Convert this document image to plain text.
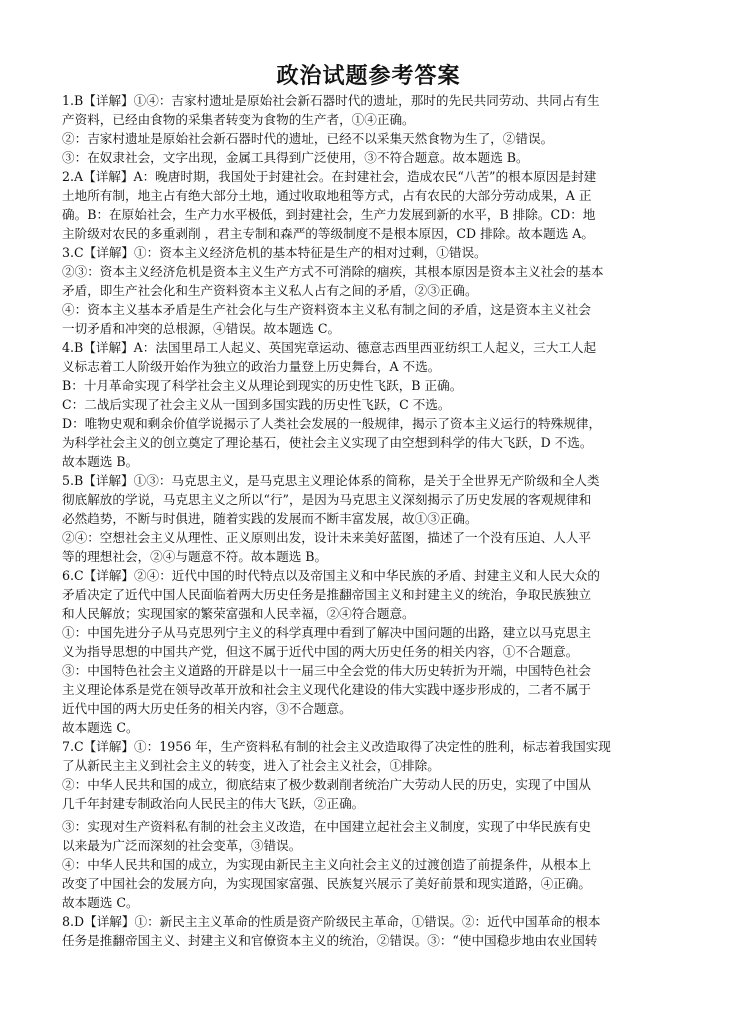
政治试题参考答案
1.B【详解】①④：吉家村遗址是原始社会新石器时代的遗址，那时的先民共同劳动、共同占有生
产资料，已经由食物的采集者转变为食物的生产者，①④正确。
②：吉家村遗址是原始社会新石器时代的遗址，已经不以采集天然食物为生了，②错误。
③：在奴隶社会，文字出现，金属工具得到广泛使用，③不符合题意。故本题选 B。
2.A【详解】A：晚唐时期，我国处于封建社会。在封建社会，造成农民“八苦”的根本原因是封建
土地所有制，地主占有绝大部分土地，通过收取地租等方式，占有农民的大部分劳动成果，A 正
确。B：在原始社会，生产力水平极低，到封建社会，生产力发展到新的水平，B 排除。CD：地
主阶级对农民的多重剥削 ，君主专制和森严的等级制度不是根本原因，CD 排除。故本题选 A。
3.C【详解】①：资本主义经济危机的基本特征是生产的相对过剩，①错误。
②③：资本主义经济危机是资本主义生产方式不可消除的痼疾，其根本原因是资本主义社会的基本
矛盾，即生产社会化和生产资料资本主义私人占有之间的矛盾，②③正确。
④：资本主义基本矛盾是生产社会化与生产资料资本主义私有制之间的矛盾，这是资本主义社会
一切矛盾和冲突的总根源，④错误。故本题选 C。
4.B【详解】A：法国里昂工人起义、英国宪章运动、德意志西里西亚纺织工人起义，三大工人起
义标志着工人阶级开始作为独立的政治力量登上历史舞台，A 不选。
B：十月革命实现了科学社会主义从理论到现实的历史性飞跃，B 正确。
C：二战后实现了社会主义从一国到多国实践的历史性飞跃，C 不选。
D：唯物史观和剩余价值学说揭示了人类社会发展的一般规律，揭示了资本主义运行的特殊规律，
为科学社会主义的创立奠定了理论基石，使社会主义实现了由空想到科学的伟大飞跃，D 不选。
故本题选 B。
5.B【详解】①③：马克思主义，是马克思主义理论体系的简称，是关于全世界无产阶级和全人类
彻底解放的学说，马克思主义之所以“行”，是因为马克思主义深刻揭示了历史发展的客观规律和
必然趋势，不断与时俱进，随着实践的发展而不断丰富发展，故①③正确。
②④：空想社会主义从理性、正义原则出发，设计未来美好蓝图，描述了一个没有压迫、人人平
等的理想社会，②④与题意不符。故本题选 B。
6.C【详解】②④：近代中国的时代特点以及帝国主义和中华民族的矛盾、封建主义和人民大众的
矛盾决定了近代中国人民面临着两大历史任务是推翻帝国主义和封建主义的统治，争取民族独立
和人民解放；实现国家的繁荣富强和人民幸福，②④符合题意。
①：中国先进分子从马克思列宁主义的科学真理中看到了解决中国问题的出路，建立以马克思主
义为指导思想的中国共产党，但这不属于近代中国的两大历史任务的相关内容，①不合题意。
③：中国特色社会主义道路的开辟是以十一届三中全会党的伟大历史转折为开端，中国特色社会
主义理论体系是党在领导改革开放和社会主义现代化建设的伟大实践中逐步形成的，二者不属于
近代中国的两大历史任务的相关内容，③不合题意。
故本题选 C。
7.C【详解】①：1956 年，生产资料私有制的社会主义改造取得了决定性的胜利，标志着我国实现
了从新民主主义到社会主义的转变，进入了社会主义社会，①排除。
②：中华人民共和国的成立，彻底结束了极少数剥削者统治广大劳动人民的历史，实现了中国从
几千年封建专制政治向人民民主的伟大飞跃，②正确。
③：实现对生产资料私有制的社会主义改造，在中国建立起社会主义制度，实现了中华民族有史
以来最为广泛而深刻的社会变革，③错误。
④：中华人民共和国的成立，为实现由新民主主义向社会主义的过渡创造了前提条件，从根本上
改变了中国社会的发展方向，为实现国家富强、民族复兴展示了美好前景和现实道路，④正确。
故本题选 C。
8.D【详解】①：新民主主义革命的性质是资产阶级民主革命，①错误。②：近代中国革命的根本
任务是推翻帝国主义、封建主义和官僚资本主义的统治，②错误。③：“使中国稳步地由农业国转
